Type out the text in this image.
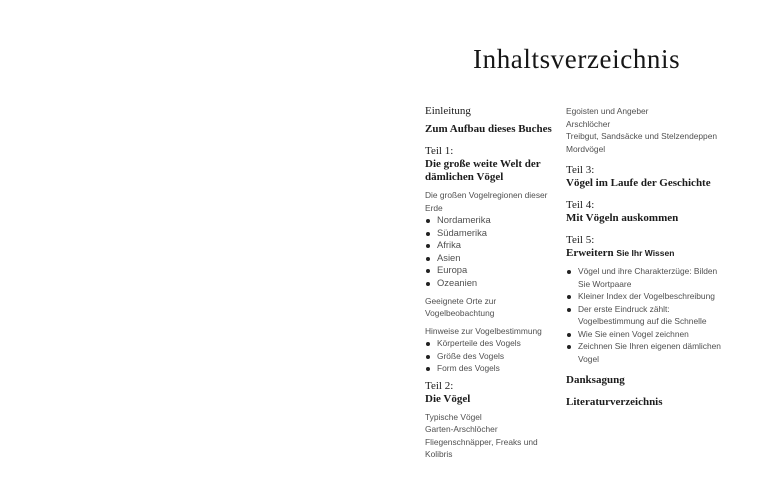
Inhaltsverzeichnis
Einleitung
Zum Aufbau dieses Buches
Teil 1:
Die große weite Welt der dämlichen Vögel
Die großen Vogelregionen dieser Erde
Nordamerika
Südamerika
Afrika
Asien
Europa
Ozeanien
Geeignete Orte zur Vogelbeobachtung
Hinweise zur Vogelbestimmung
Körperteile des Vogels
Größe des Vogels
Form des Vogels
Teil 2:
Die Vögel
Typische Vögel
Garten-Arschlöcher
Fliegenschnäpper, Freaks und Kolibris
Egoisten und Angeber
Arschlöcher
Treibgut, Sandsäcke und Stelzendeppen
Mordvögel
Teil 3:
Vögel im Laufe der Geschichte
Teil 4:
Mit Vögeln auskommen
Teil 5:
Erweitern Sie Ihr Wissen
Vögel und ihre Charakterzüge: Bilden Sie Wortpaare
Kleiner Index der Vogelbeschreibung
Der erste Eindruck zählt: Vogelbestimmung auf die Schnelle
Wie Sie einen Vogel zeichnen
Zeichnen Sie Ihren eigenen dämlichen Vogel
Danksagung
Literaturverzeichnis
